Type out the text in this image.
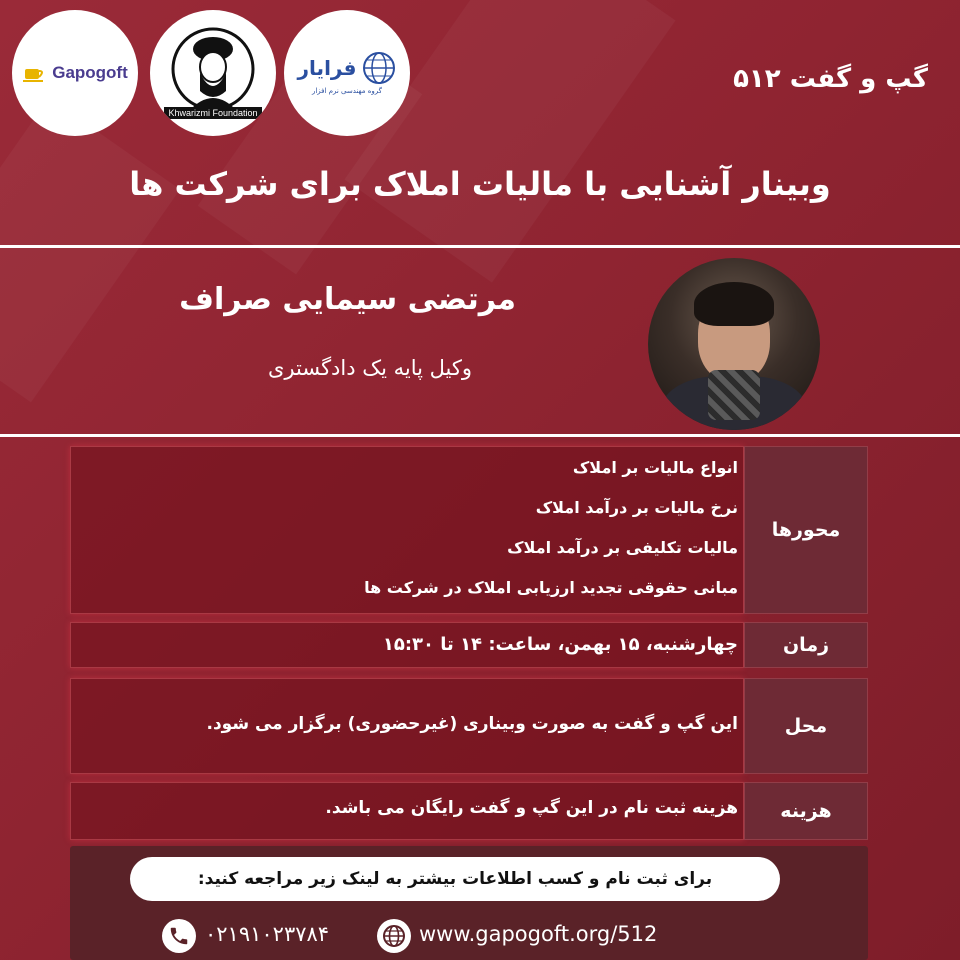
Gapogoft
Khwarizmi Foundation
فرایار
گروه مهندسی نرم افزار	گپ و گفت ۵۱۲
وبینار آشنایی با مالیات املاک برای شرکت ها
مرتضی سیمایی صراف
وکیل پایه یک دادگستری
محورها
انواع مالیات بر املاک
نرخ مالیات بر درآمد املاک
مالیات تکلیفی بر درآمد املاک
مبانی حقوقی تجدید ارزیابی املاک در شرکت ها
زمان
چهارشنبه، ۱۵ بهمن، ساعت: ۱۴ تا ۱۵:۳۰
محل
این گپ و گفت به صورت وبیناری (غیرحضوری) برگزار می شود.
هزینه
هزینه ثبت نام در این گپ و گفت رایگان می باشد.
برای ثبت نام و کسب اطلاعات بیشتر به لینک زیر مراجعه کنید:
www.gapogoft.org/512
۰۲۱۹۱۰۲۳۷۸۴
